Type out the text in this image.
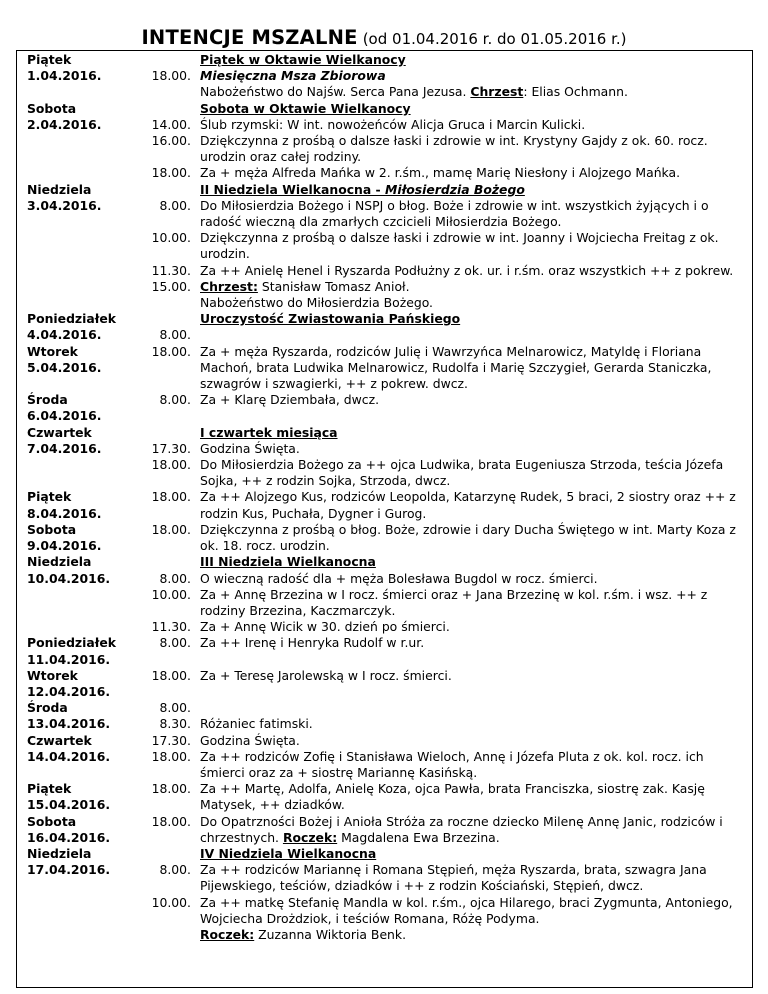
INTENCJE MSZALNE (od 01.04.2016 r. do 01.05.2016 r.)
Piątek
1.04.2016.
Piątek w Oktawie Wielkanocy
18.00. Miesięczna Msza Zbiorowa
Nabożeństwo do Najśw. Serca Pana Jezusa. Chrzest: Elias Ochmann.
Sobota
2.04.2016.
Sobota w Oktawie Wielkanocy
14.00. Ślub rzymski: W int. nowożeńców Alicja Gruca i Marcin Kulicki.
16.00. Dziękczynna z prośbą o dalsze łaski i zdrowie w int. Krystyny Gajdy z ok. 60. rocz. urodzin oraz całej rodziny.
18.00. Za + męża Alfreda Mańka w 2. r.śm., mamę Marię Niesłony i Alojzego Mańka.
Niedziela
3.04.2016.
II Niedziela Wielkanocna - Miłosierdzia Bożego
8.00. Do Miłosierdzia Bożego i NSPJ o błog. Boże i zdrowie w int. wszystkich żyjących i o radość wieczną dla zmarłych czcicieli Miłosierdzia Bożego.
10.00. Dziękczynna z prośbą o dalsze łaski i zdrowie w int. Joanny i Wojciecha Freitag z ok. urodzin.
11.30. Za ++ Anielę Henel i Ryszarda Podłużny z ok. ur. i r.śm. oraz wszystkich ++ z pokrew.
15.00. Chrzest: Stanisław Tomasz Anioł.
Nabożeństwo do Miłosierdzia Bożego.
Poniedziałek
4.04.2016.
Uroczystość Zwiastowania Pańskiego
8.00.

Wtorek
5.04.2016.
18.00. Za + męża Ryszarda, rodziców Julię i Wawrzyńca Melnarowicz, Matyldę i Floriana Machoń, brata Ludwika Melnarowicz, Rudolfa i Marię Szczygieł, Gerarda Staniczka, szwagrów i szwagierki, ++ z pokrew. dwcz.
Środa
6.04.2016.
8.00. Za + Klarę Dziembała, dwcz.

Czwartek
7.04.2016.
I czwartek miesiąca
17.30. Godzina Święta.
18.00. Do Miłosierdzia Bożego za ++ ojca Ludwika, brata Eugeniusza Strzoda, teścia Józefa Sojka, ++ z rodzin Sojka, Strzoda, dwcz.
Piątek
8.04.2016.
18.00. Za ++ Alojzego Kus, rodziców Leopolda, Katarzynę Rudek, 5 braci, 2 siostry oraz ++ z rodzin Kus, Puchała, Dygner i Gurog.
Sobota
9.04.2016.
18.00. Dziękczynna z prośbą o błog. Boże, zdrowie i dary Ducha Świętego w int. Marty Koza z ok. 18. rocz. urodzin.
Niedziela
10.04.2016.
III Niedziela Wielkanocna
8.00. O wieczną radość dla + męża Bolesława Bugdol w rocz. śmierci.
10.00. Za + Annę Brzezina w I rocz. śmierci oraz + Jana Brzezinę w kol. r.śm. i wsz. ++ z rodziny Brzezina, Kaczmarczyk.
11.30. Za + Annę Wicik w 30. dzień po śmierci.
Poniedziałek
11.04.2016.
8.00. Za ++ Irenę i Henryka Rudolf w r.ur.

Wtorek
12.04.2016.
18.00. Za + Teresę Jarolewską w I rocz. śmierci.

Środa
13.04.2016.
8.00.

8.30. Różaniec fatimski.
Czwartek
14.04.2016.
17.30. Godzina Święta.
18.00. Za ++ rodziców Zofię i Stanisława Wieloch, Annę i Józefa Pluta z ok. kol. rocz. ich śmierci oraz za + siostrę Mariannę Kasińską.
Piątek
15.04.2016.
18.00. Za ++ Martę, Adolfa, Anielę Koza, ojca Pawła, brata Franciszka, siostrę zak. Kasję Matysek, ++ dziadków.
Sobota
16.04.2016.
18.00. Do Opatrzności Bożej i Anioła Stróża za roczne dziecko Milenę Annę Janic, rodziców i chrzestnych. Roczek: Magdalena Ewa Brzezina.
Niedziela
17.04.2016.
IV Niedziela Wielkanocna
8.00. Za ++ rodziców Mariannę i Romana Stępień, męża Ryszarda, brata, szwagra Jana Pijewskiego, teściów, dziadków i ++ z rodzin Kościański, Stępień, dwcz.
10.00. Za ++ matkę Stefanię Mandla w kol. r.śm., ojca Hilarego, braci Zygmunta, Antoniego, Wojciecha Drożdziok, i teściów Romana, Różę Podyma.
Roczek: Zuzanna Wiktoria Benk.
